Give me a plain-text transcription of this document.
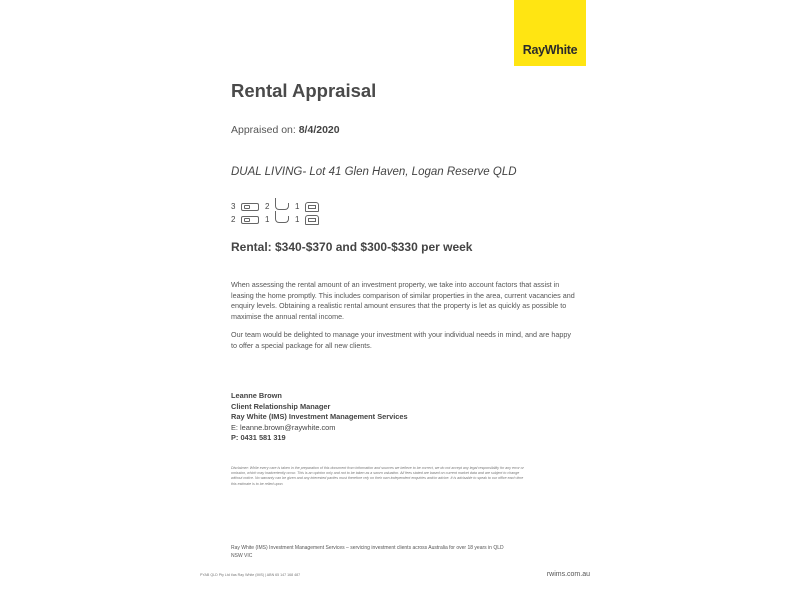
RayWhite
Rental Appraisal
Appraised on: 8/4/2020
DUAL LIVING- Lot 41 Glen Haven, Logan Reserve QLD
3	2	1
2	1	1
Rental: $340-$370 and $300-$330 per week
When assessing the rental amount of an investment property, we take into account factors that assist in leasing the home promptly. This includes comparison of similar properties in the area, current vacancies and enquiry levels. Obtaining a realistic rental amount ensures that the property is let as quickly as possible to maximise the annual rental income.
Our team would be delighted to manage your investment with your individual needs in mind, and are happy to offer a special package for all new clients.
Leanne Brown
Client Relationship Manager
Ray White (IMS) Investment Management Services
E: leanne.brown@raywhite.com
P: 0431 581 319
Disclaimer: While every care is taken in the preparation of this document from information and sources we believe to be correct, we do not accept any legal responsibility for any error or omission, which may inadvertently occur. This is an opinion only and not to be taken as a sworn valuation. All fees stated are based on current market data and are subject to change without notice. No warranty can be given and any interested parties must therefore rely on their own independent enquiries and/or advice. It is advisable to speak to our office each time this estimate is to be relied upon.
Ray White (IMS) Investment Management Services – servicing investment clients across Australia for over 18 years in QLD NSW VIC
PYAB QLD Pty Ltd t/as Ray White (IMS) | ABN 65 147 168 487	rwims.com.au
